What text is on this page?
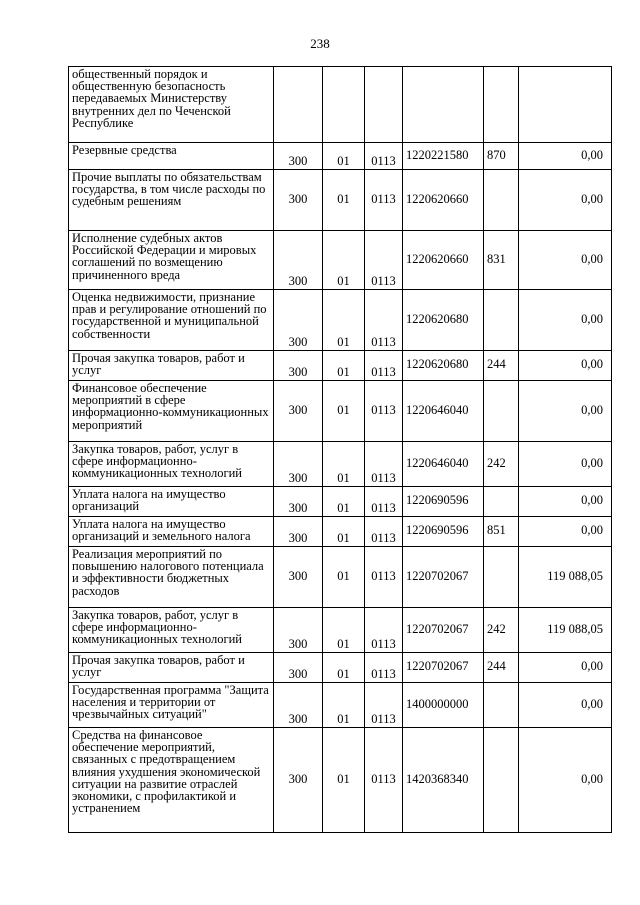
238
общественный порядок и общественную безопасность передаваемых Министерству внутренних дел по Чеченской Республике						
Резервные средства	300	01	0113	1220221580	870	0,00
Прочие выплаты по обязательствам государства, в том числе расходы по судебным решениям	300	01	0113	1220620660		0,00
Исполнение судебных актов Российской Федерации и мировых соглашений по возмещению причиненного вреда	300	01	0113	1220620660	831	0,00
Оценка недвижимости, признание прав и регулирование отношений по государственной и муниципальной собственности	300	01	0113	1220620680		0,00
Прочая закупка товаров, работ и услуг	300	01	0113	1220620680	244	0,00
Финансовое обеспечение мероприятий в сфере информационно-коммуникационных мероприятий	300	01	0113	1220646040		0,00
Закупка товаров, работ, услуг в сфере информационно-коммуникационных технологий	300	01	0113	1220646040	242	0,00
Уплата налога на имущество организаций	300	01	0113	1220690596		0,00
Уплата налога на имущество организаций и земельного налога	300	01	0113	1220690596	851	0,00
Реализация мероприятий по повышению налогового потенциала и эффективности бюджетных расходов	300	01	0113	1220702067		119 088,05
Закупка товаров, работ, услуг в сфере информационно-коммуникационных технологий	300	01	0113	1220702067	242	119 088,05
Прочая закупка товаров, работ и услуг	300	01	0113	1220702067	244	0,00
Государственная программа "Защита населения и территории от чрезвычайных ситуаций"	300	01	0113	1400000000		0,00
Средства на финансовое обеспечение мероприятий, связанных с предотвращением влияния ухудшения экономической ситуации на развитие отраслей экономики, с профилактикой и устранением	300	01	0113	1420368340		0,00
